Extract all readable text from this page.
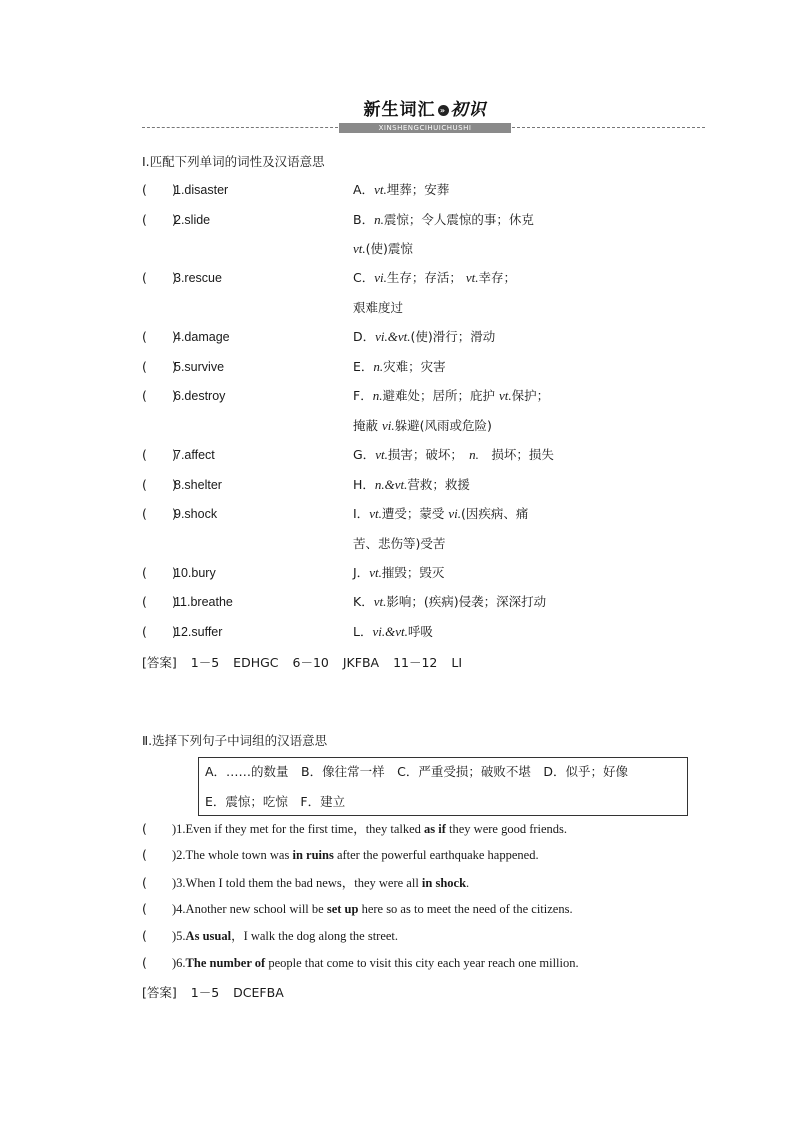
新生词汇 » 初识
XINSHENGCIHUICHUSHI
Ⅰ.匹配下列单词的词性及汉语意思
(　　)
1.disaster
(　　)
2.slide
(　　)
3.rescue
(　　)
4.damage
(　　)
5.survive
(　　)
6.destroy
(　　)
7.affect
(　　)
8.shelter
(　　)
9.shock
(　　)
10.bury
(　　)
11.breathe
(　　)
12.suffer
A．vt.埋葬；安葬
B．n.震惊；令人震惊的事；休克
vt.(使)震惊
C．vi.生存；存活； vt.幸存；
艰难度过
D．vi.&vt.(使)滑行；滑动
E．n.灾难；灾害
F．n.避难处；居所；庇护 vt.保护；
掩蔽 vi.躲避(风雨或危险)
G．vt.损害；破坏；　 n.　 损坏；损失
H．n.&vt.营救；救援
I．vt.遭受；蒙受 vi.(因疾病、痛
苦、悲伤等)受苦
J．vt.摧毁；毁灭
K．vt.影响；(疾病)侵袭；深深打动
L．vi.&vt.呼吸
[答案] 1－5 EDHGC 6－10 JKFBA 11－12 LI
Ⅱ.选择下列句子中词组的汉语意思
A．……的数量　B．像往常一样　C．严重受损；破败不堪　D．似乎；好像
E．震惊；吃惊　F．建立
(　　)1.Even if they met for the first time，they talked as if they were good friends.
(　　)2.The whole town was in ruins after the powerful earthquake happened.
(　　)3.When I told them the bad news，they were all in shock.
(　　)4.Another new school will be set up here so as to meet the need of the citizens.
(　　)5.As usual，I walk the dog along the street.
(　　)6.The number of people that come to visit this city each year reach one million.
[答案] 1－5 DCEFBA
